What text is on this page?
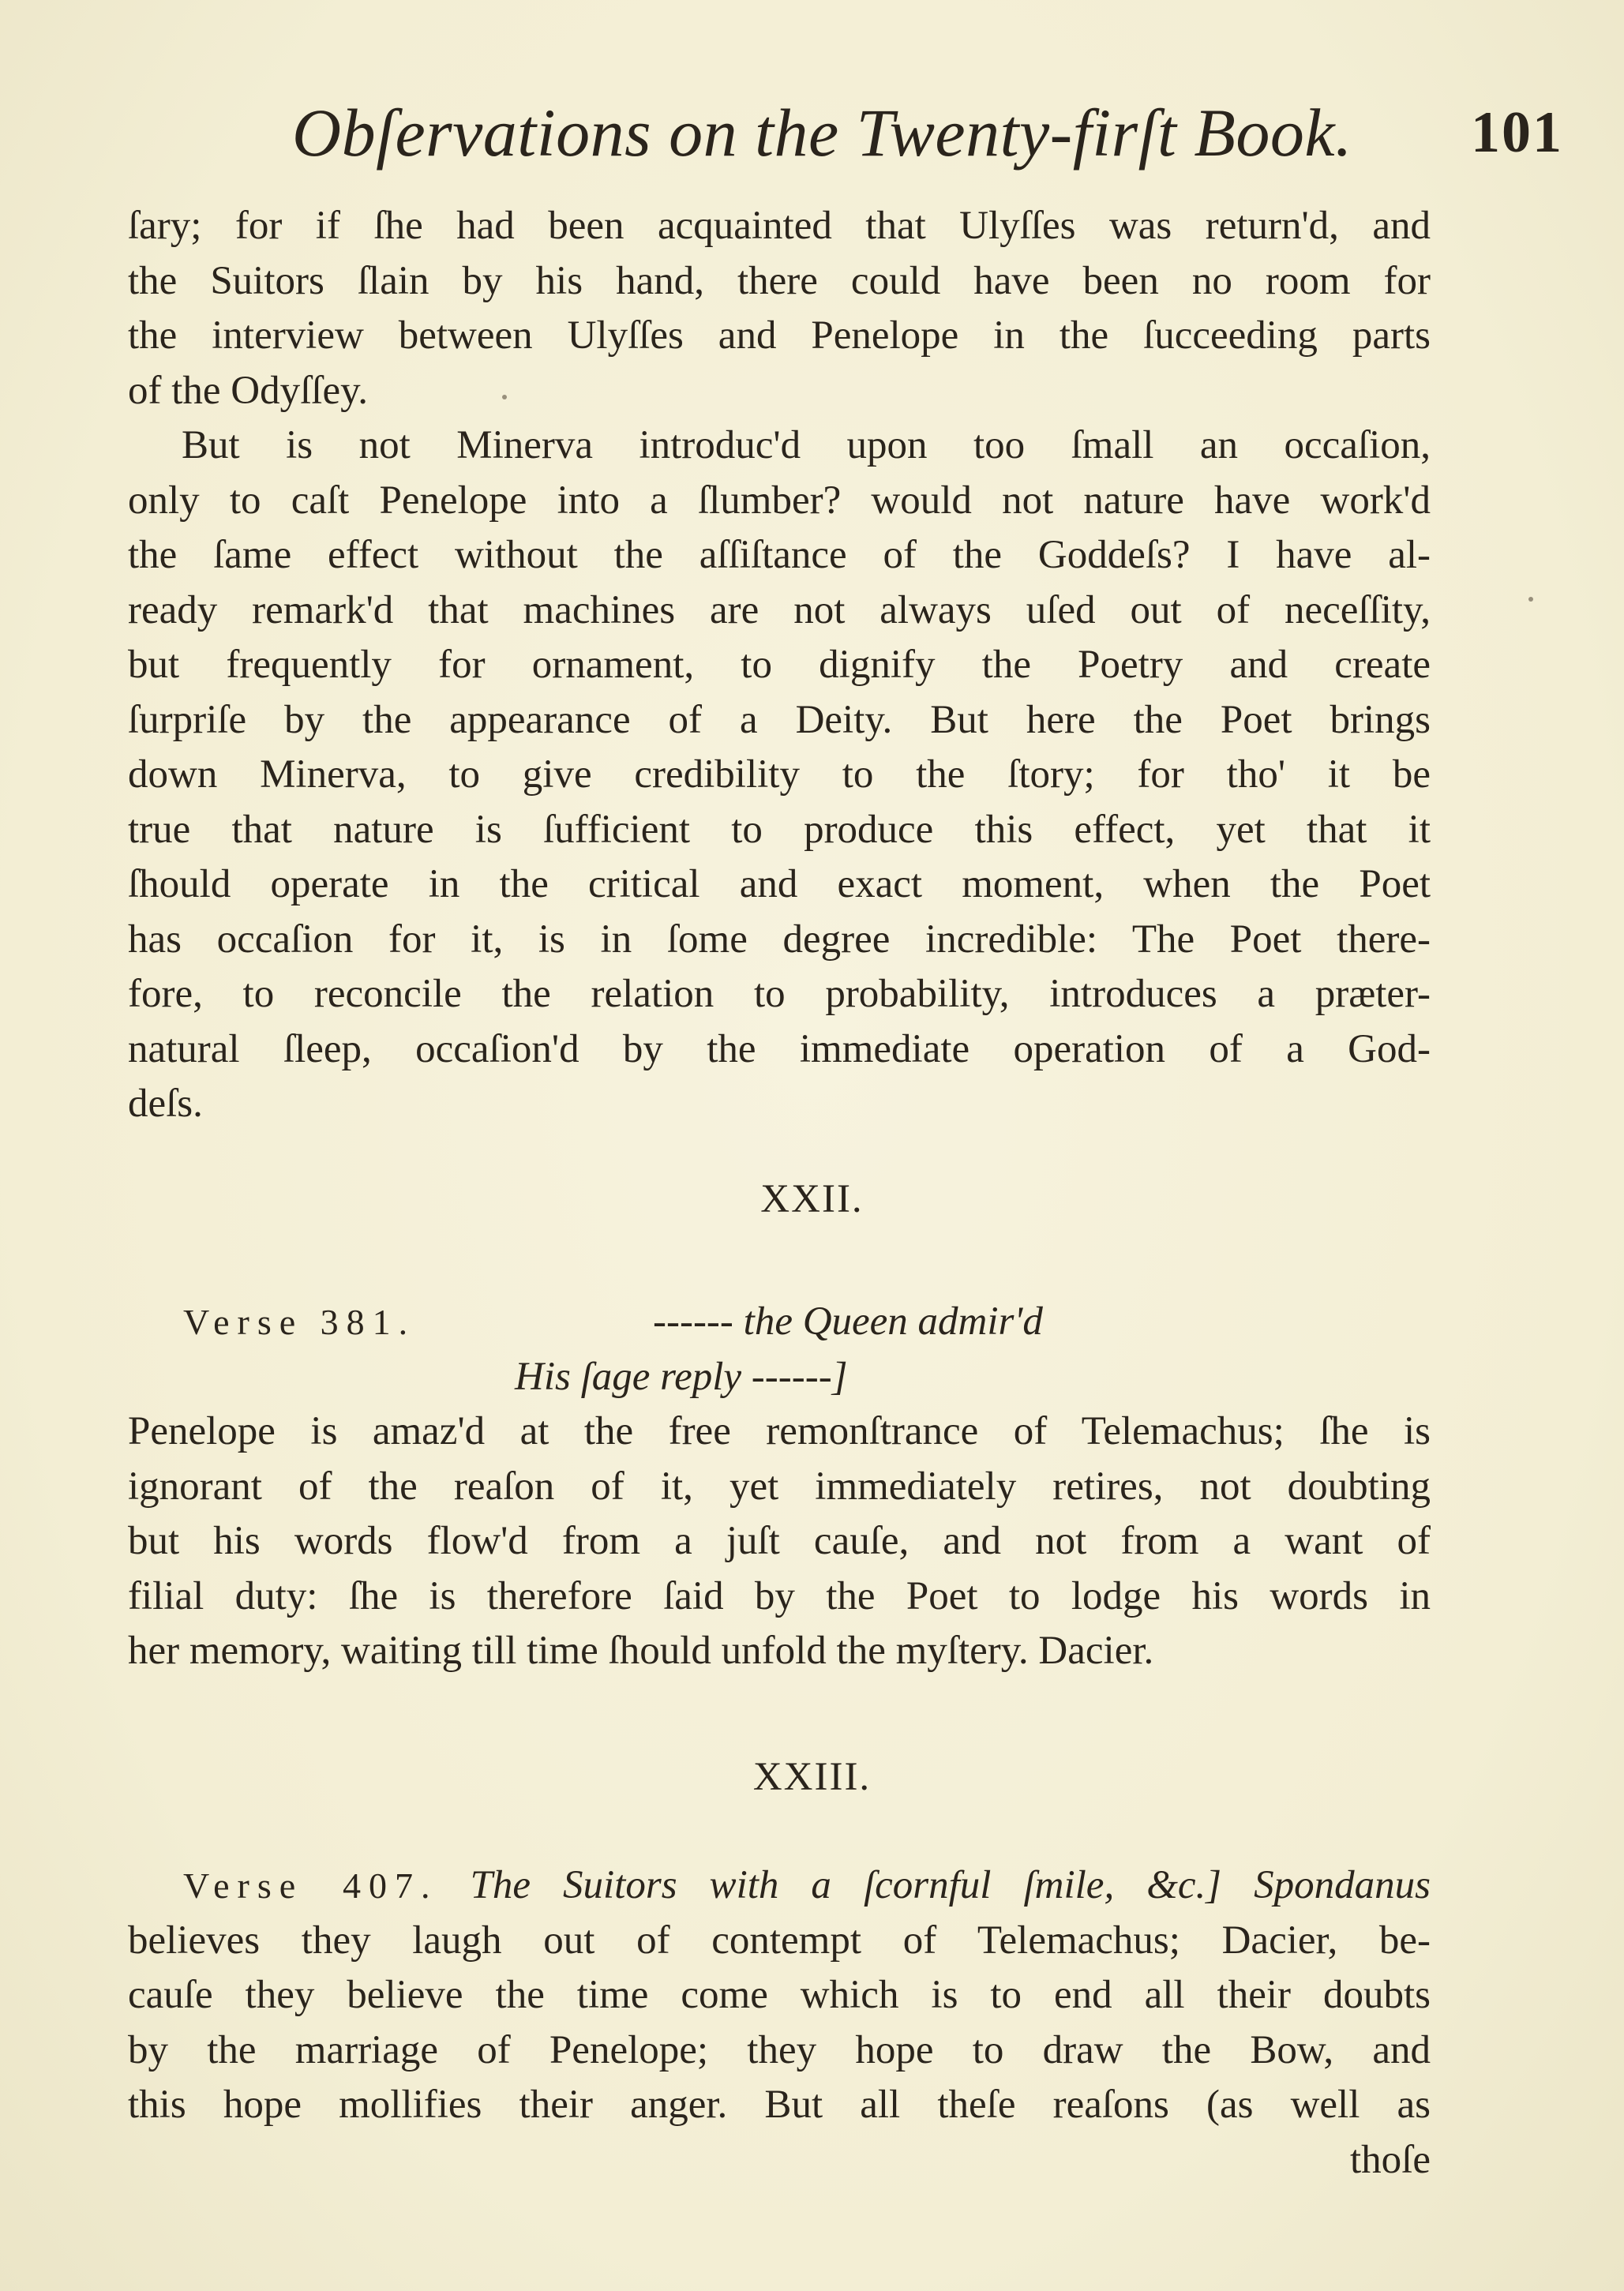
Obſervations on the Twenty-firſt Book. 101
ſary; for if ſhe had been acquainted that Ulyſſes was return'd, and
the Suitors ſlain by his hand, there could have been no room for
the interview between Ulyſſes and Penelope in the ſucceeding parts
of the Odyſſey.
But is not Minerva introduc'd upon too ſmall an occaſion,
only to caſt Penelope into a ſlumber? would not nature have work'd
the ſame effect without the aſſiſtance of the Goddeſs? I have al-
ready remark'd that machines are not always uſed out of neceſſity,
but frequently for ornament, to dignify the Poetry and create
ſurpriſe by the appearance of a Deity. But here the Poet brings
down Minerva, to give credibility to the ſtory; for tho' it be
true that nature is ſufficient to produce this effect, yet that it
ſhould operate in the critical and exact moment, when the Poet
has occaſion for it, is in ſome degree incredible: The Poet there-
fore, to reconcile the relation to probability, introduces a præter-
natural ſleep, occaſion'd by the immediate operation of a God-
deſs.
XXII.
Verse 381.	------ the Queen admir'd
His ſage reply ------]
Penelope is amaz'd at the free remonſtrance of Telemachus; ſhe is
ignorant of the reaſon of it, yet immediately retires, not doubting
but his words flow'd from a juſt cauſe, and not from a want of
filial duty: ſhe is therefore ſaid by the Poet to lodge his words in
her memory, waiting till time ſhould unfold the myſtery. Dacier.
XXIII.
Verse 407. The Suitors with a ſcornful ſmile, &c.] Spondanus
believes they laugh out of contempt of Telemachus; Dacier, be-
cauſe they believe the time come which is to end all their doubts
by the marriage of Penelope; they hope to draw the Bow, and
this hope mollifies their anger. But all theſe reaſons (as well as
thoſe
